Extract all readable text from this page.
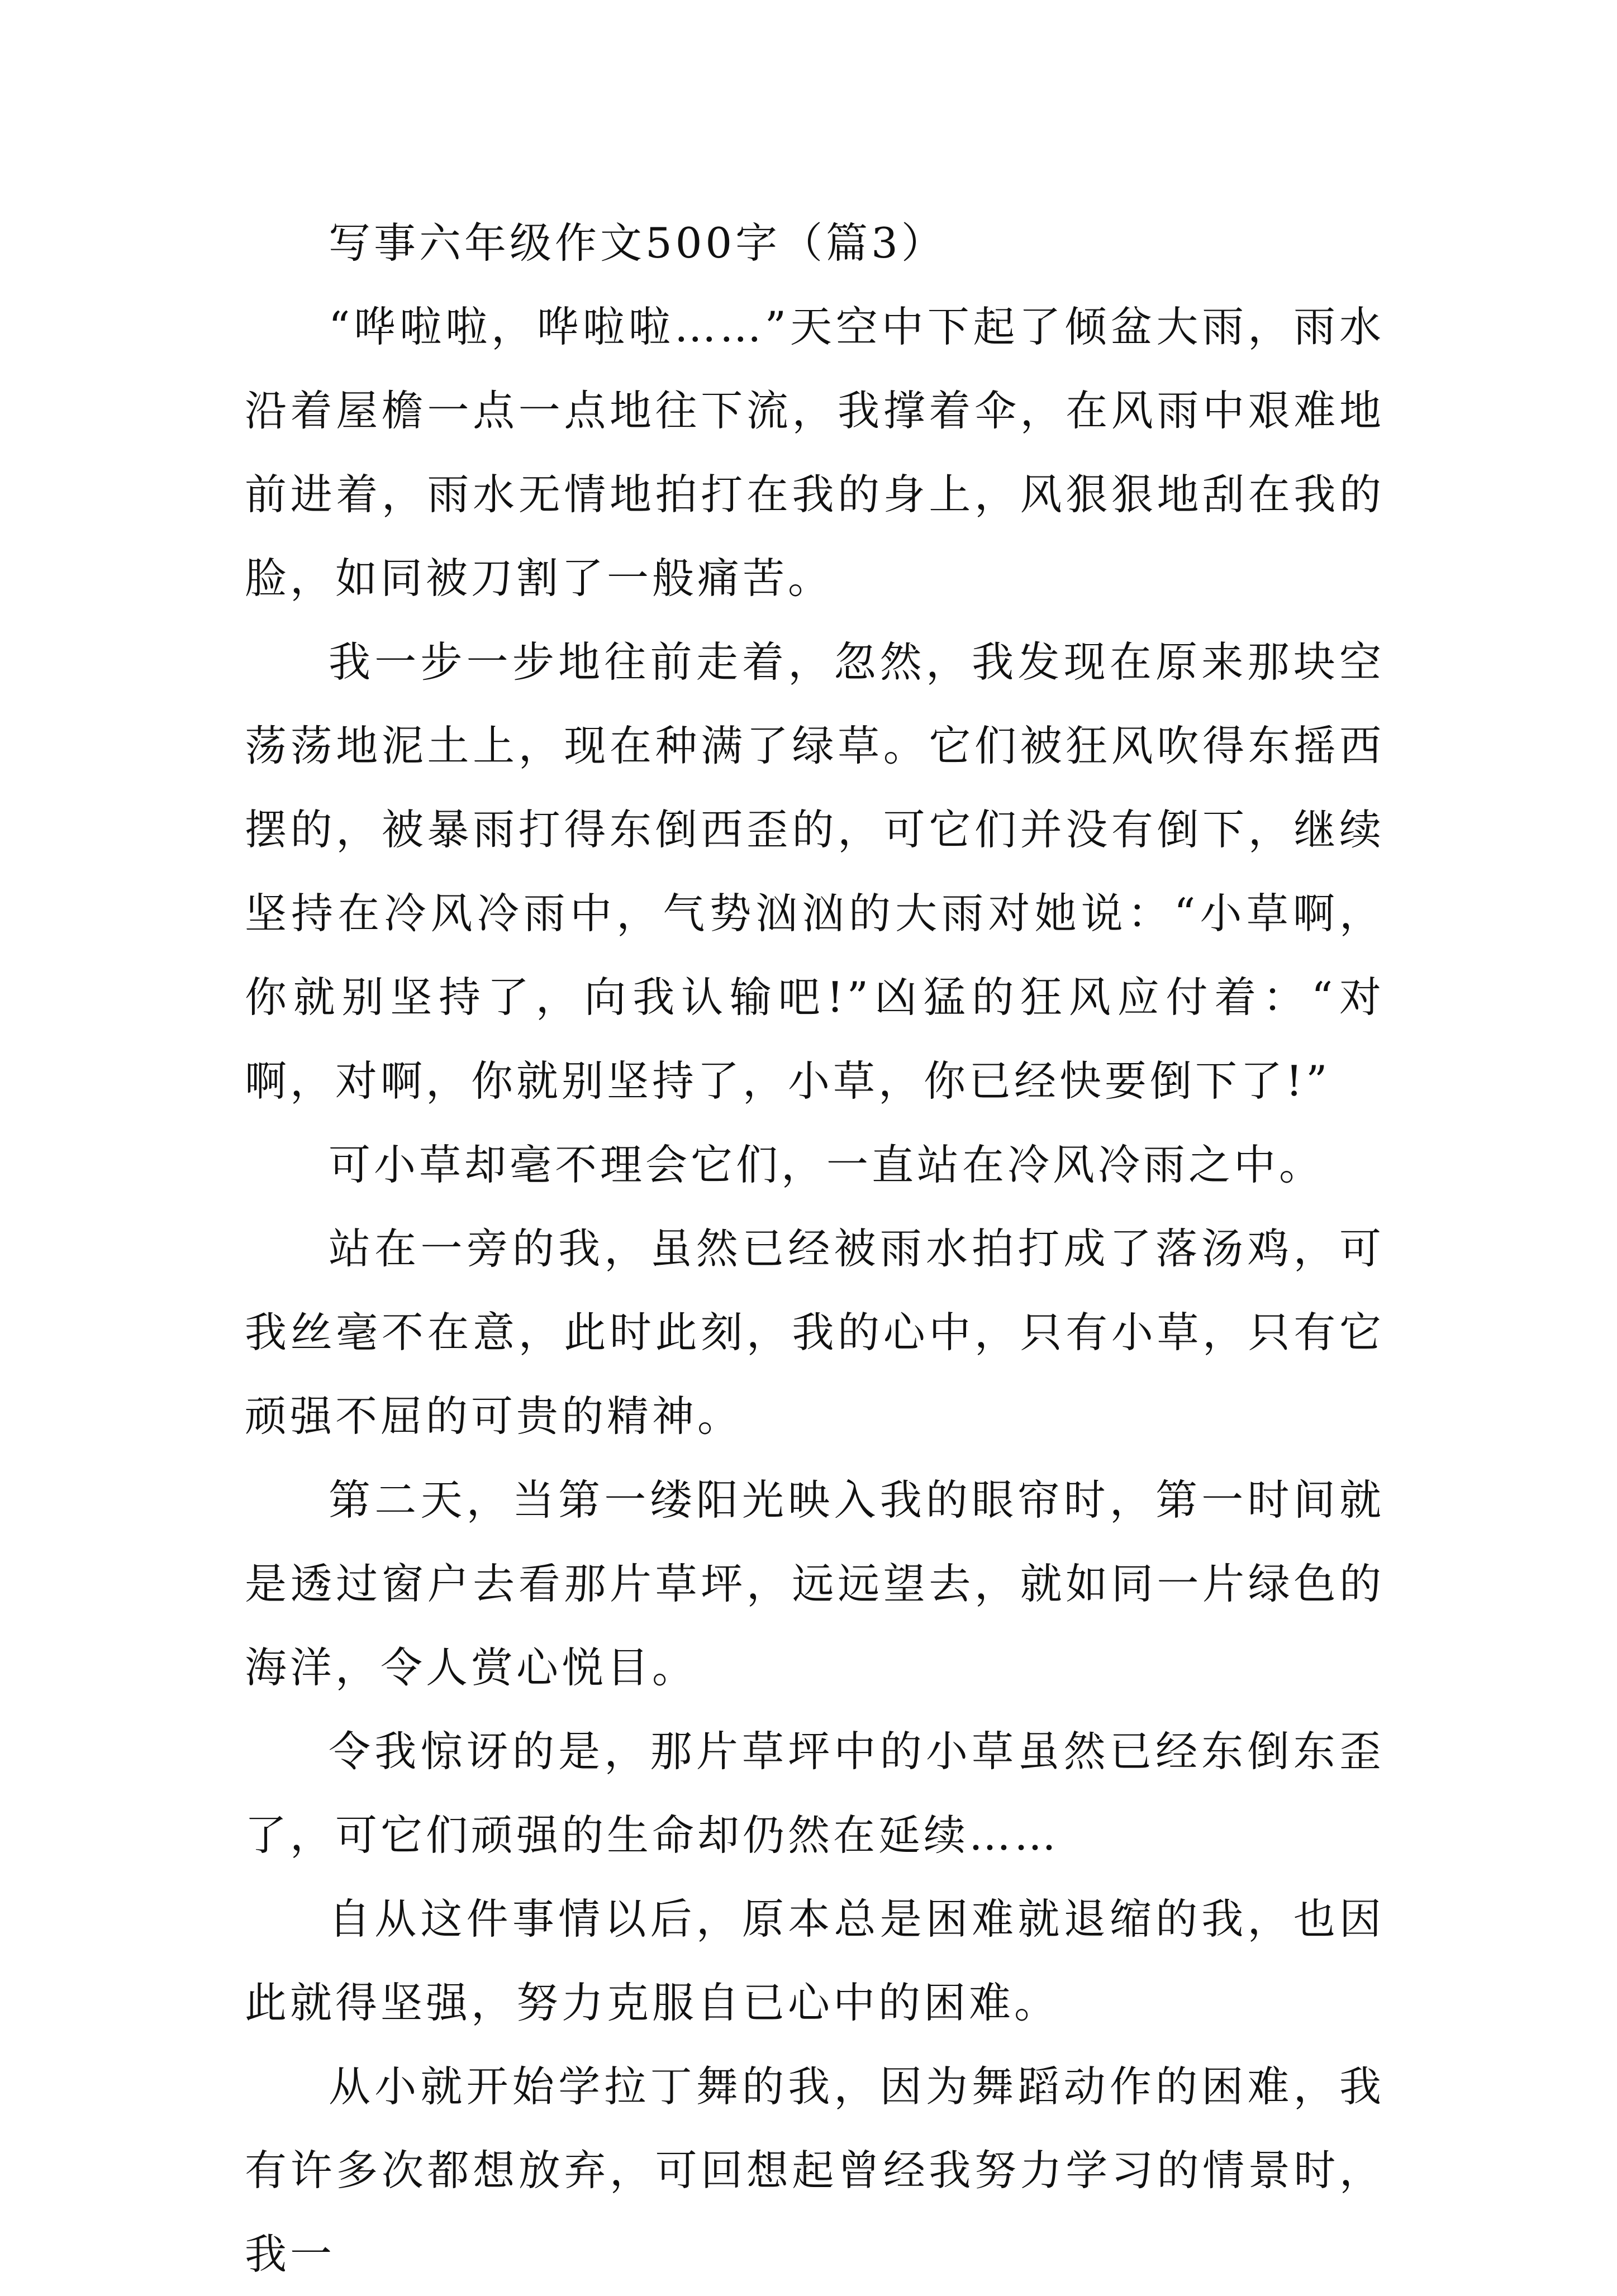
写事六年级作文500字（篇3）

“哗啦啦，哗啦啦……”天空中下起了倾盆大雨，雨水沿着屋檐一点一点地往下流，我撑着伞，在风雨中艰难地前进着，雨水无情地拍打在我的身上，风狠狠地刮在我的脸，如同被刀割了一般痛苦。

我一步一步地往前走着，忽然，我发现在原来那块空荡荡地泥土上，现在种满了绿草。它们被狂风吹得东摇西摆的，被暴雨打得东倒西歪的，可它们并没有倒下，继续坚持在冷风冷雨中，气势汹汹的大雨对她说：“小草啊，你就别坚持了，向我认输吧!”凶猛的狂风应付着：“对啊，对啊，你就别坚持了，小草，你已经快要倒下了!”

可小草却毫不理会它们，一直站在冷风冷雨之中。

站在一旁的我，虽然已经被雨水拍打成了落汤鸡，可我丝毫不在意，此时此刻，我的心中，只有小草，只有它顽强不屈的可贵的精神。

第二天，当第一缕阳光映入我的眼帘时，第一时间就是透过窗户去看那片草坪，远远望去，就如同一片绿色的海洋，令人赏心悦目。

令我惊讶的是，那片草坪中的小草虽然已经东倒东歪了，可它们顽强的生命却仍然在延续……

自从这件事情以后，原本总是困难就退缩的我，也因此就得坚强，努力克服自已心中的困难。

从小就开始学拉丁舞的我，因为舞蹈动作的困难，我有许多次都想放弃，可回想起曾经我努力学习的情景时，我一
